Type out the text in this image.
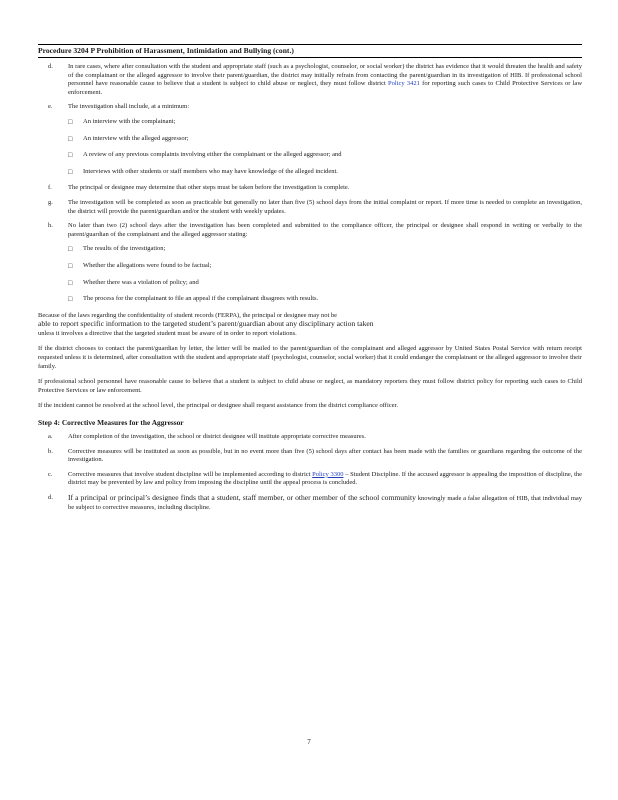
Procedure 3204 P Prohibition of Harassment, Intimidation and Bullying (cont.)
d.	In rare cases, where after consultation with the student and appropriate staff (such as a psychologist, counselor, or social worker) the district has evidence that it would threaten the health and safety of the complainant or the alleged aggressor to involve their parent/guardian, the district may initially refrain from contacting the parent/guardian in its investigation of HIB. If professional school personnel have reasonable cause to believe that a student is subject to child abuse or neglect, they must follow district Policy 3421 for reporting such cases to Child Protective Services or law enforcement.
e.	The investigation shall include, at a minimum:
□	An interview with the complainant;
□	An interview with the alleged aggressor;
□	A review of any previous complaints involving either the complainant or the alleged aggressor; and
□	Interviews with other students or staff members who may have knowledge of the alleged incident.
f.	The principal or designee may determine that other steps must be taken before the investigation is complete.
g.	The investigation will be completed as soon as practicable but generally no later than five (5) school days from the initial complaint or report. If more time is needed to complete an investigation, the district will provide the parent/guardian and/or the student with weekly updates.
h.	No later than two (2) school days after the investigation has been completed and submitted to the compliance officer, the principal or designee shall respond in writing or verbally to the parent/guardian of the complainant and the alleged aggressor stating:
□	The results of the investigation;
□	Whether the allegations were found to be factual;
□	Whether there was a violation of policy; and
□	The process for the complainant to file an appeal if the complainant disagrees with results.
Because of the laws regarding the confidentiality of student records (FERPA), the principal or designee may not be
able to report specific information to the targeted student’s parent/guardian about any disciplinary action taken
unless it involves a directive that the targeted student must be aware of in order to report violations.
If the district chooses to contact the parent/guardian by letter, the letter will be mailed to the parent/guardian of the complainant and alleged aggressor by United States Postal Service with return receipt requested unless it is determined, after consultation with the student and appropriate staff (psychologist, counselor, social worker) that it could endanger the complainant or the alleged aggressor to involve their family.
If professional school personnel have reasonable cause to believe that a student is subject to child abuse or neglect, as mandatory reporters they must follow district policy for reporting such cases to Child Protective Services or law enforcement.
If the incident cannot be resolved at the school level, the principal or designee shall request assistance from the district compliance officer.
Step 4: Corrective Measures for the Aggressor
a.	After completion of the investigation, the school or district designee will institute appropriate corrective measures.
b.	Corrective measures will be instituted as soon as possible, but in no event more than five (5) school days after contact has been made with the families or guardians regarding the outcome of the investigation.
c.	Corrective measures that involve student discipline will be implemented according to district Policy 3300 – Student Discipline. If the accused aggressor is appealing the imposition of discipline, the district may be prevented by law and policy from imposing the discipline until the appeal process is concluded.
d.	If a principal or principal’s designee finds that a student, staff member, or other member of the school community knowingly made a false allegation of HIB, that individual may be subject to corrective measures, including discipline.
7
